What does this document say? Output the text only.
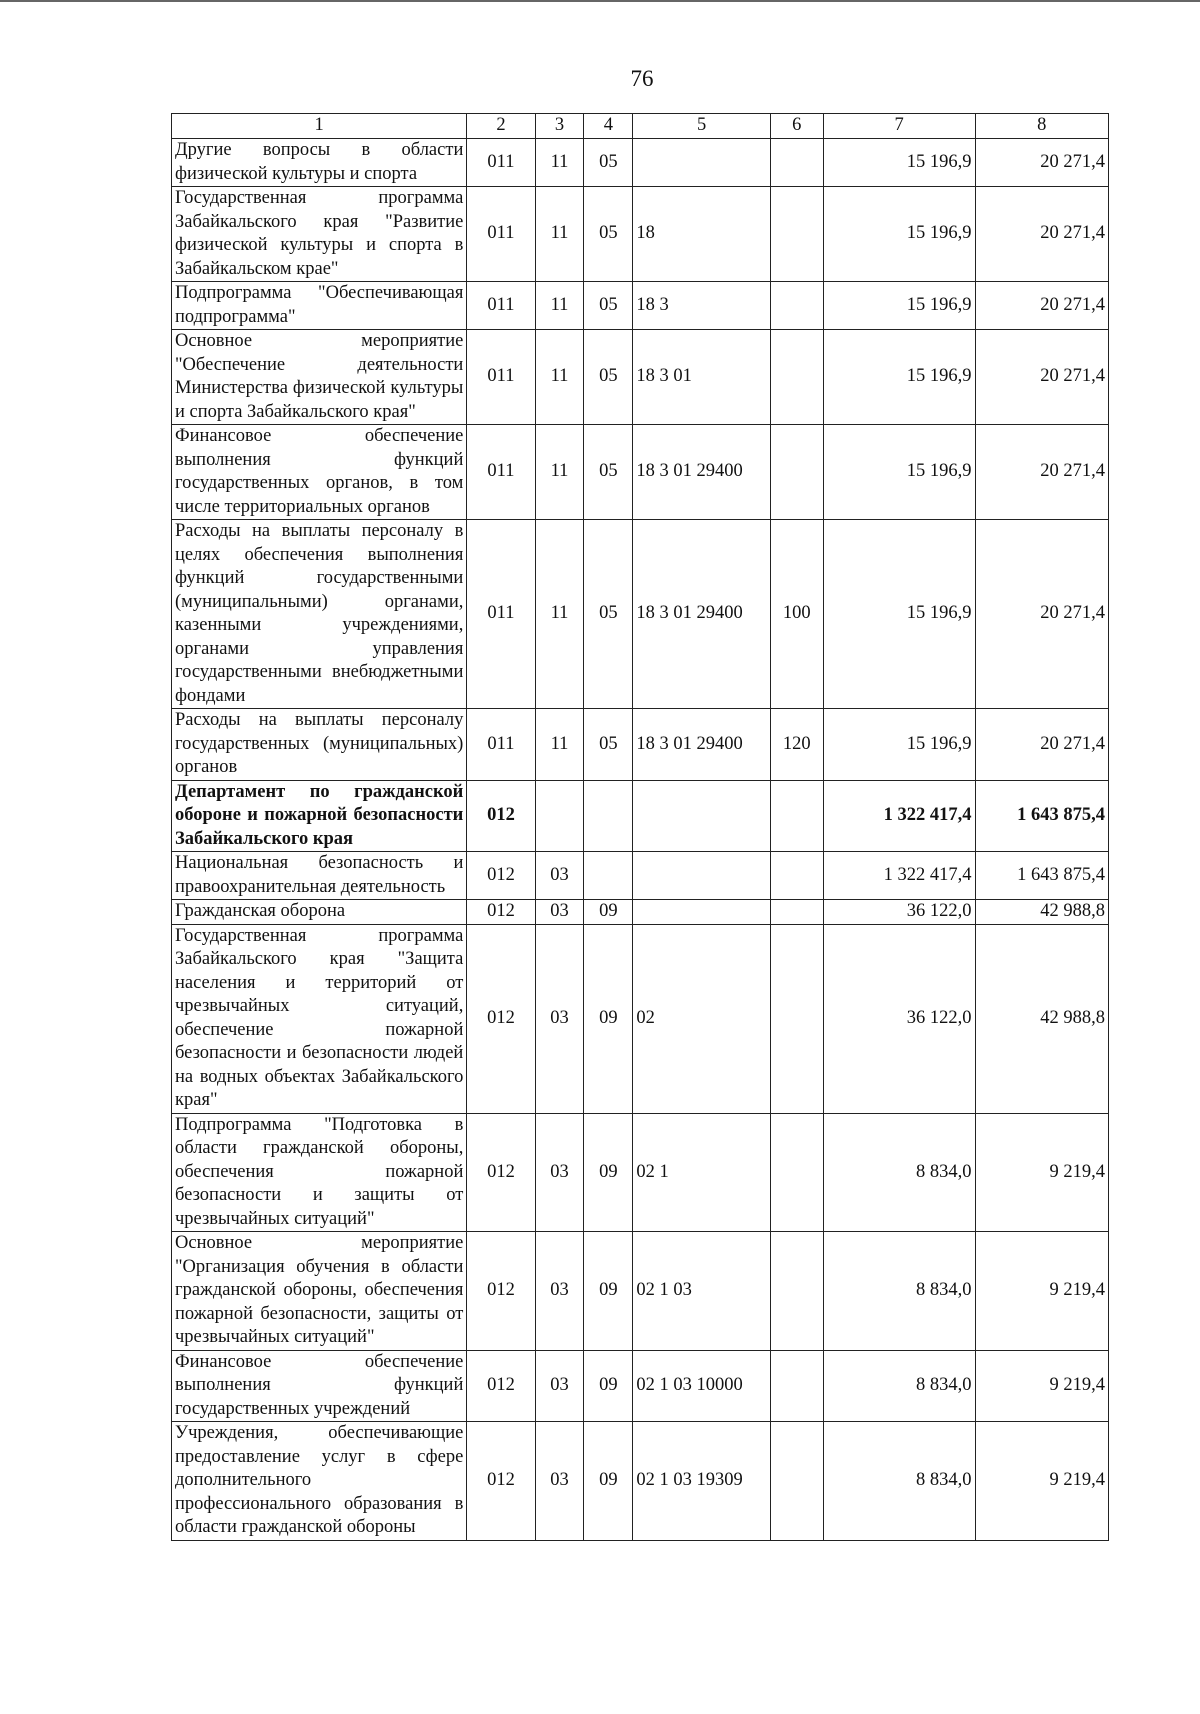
76
1	2	3	4	5	6	7	8
Другие вопросы в области физической культуры и спорта	011	11	05			15 196,9	20 271,4
Государственная программа Забайкальского края "Развитие физической культуры и спорта в Забайкальском крае"	011	11	05	18		15 196,9	20 271,4
Подпрограмма "Обеспечивающая подпрограмма"	011	11	05	18 3		15 196,9	20 271,4
Основное мероприятие "Обеспечение деятельности Министерства физической культуры и спорта Забайкальского края"	011	11	05	18 3 01		15 196,9	20 271,4
Финансовое обеспечение выполнения функций государственных органов, в том числе территориальных органов	011	11	05	18 3 01 29400		15 196,9	20 271,4
Расходы на выплаты персоналу в целях обеспечения выполнения функций государственными (муниципальными) органами, казенными учреждениями, органами управления государственными внебюджетными фондами	011	11	05	18 3 01 29400	100	15 196,9	20 271,4
Расходы на выплаты персоналу государственных (муниципальных) органов	011	11	05	18 3 01 29400	120	15 196,9	20 271,4
Департамент по гражданской обороне и пожарной безопасности Забайкальского края	012					1 322 417,4	1 643 875,4
Национальная безопасность и правоохранительная деятельность	012	03				1 322 417,4	1 643 875,4
Гражданская оборона	012	03	09			36 122,0	42 988,8
Государственная программа Забайкальского края "Защита населения и территорий от чрезвычайных ситуаций, обеспечение пожарной безопасности и безопасности людей на водных объектах Забайкальского края"	012	03	09	02		36 122,0	42 988,8
Подпрограмма "Подготовка в области гражданской обороны, обеспечения пожарной безопасности и защиты от чрезвычайных ситуаций"	012	03	09	02 1		8 834,0	9 219,4
Основное мероприятие "Организация обучения в области гражданской обороны, обеспечения пожарной безопасности, защиты от чрезвычайных ситуаций"	012	03	09	02 1 03		8 834,0	9 219,4
Финансовое обеспечение выполнения функций государственных учреждений	012	03	09	02 1 03 10000		8 834,0	9 219,4
Учреждения, обеспечивающие предоставление услуг в сфере дополнительного профессионального образования в области гражданской обороны	012	03	09	02 1 03 19309		8 834,0	9 219,4
